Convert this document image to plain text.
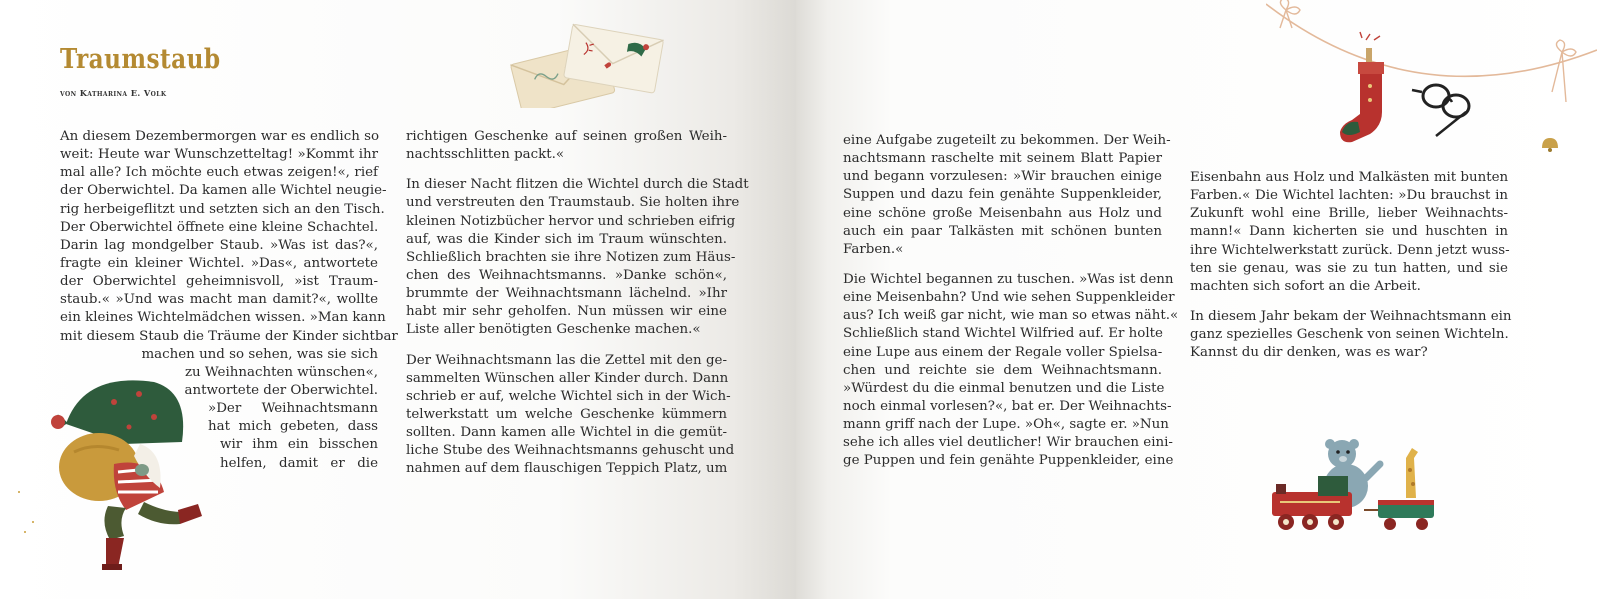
Traumstaub
von Katharina E. Volk
An diesem Dezembermorgen war es endlich so
weit: Heute war Wunschzetteltag! »Kommt ihr
mal alle? Ich möchte euch etwas zeigen!«, rief
der Oberwichtel. Da kamen alle Wichtel neugie-
rig herbeigeflitzt und setzten sich an den Tisch.
Der Oberwichtel öffnete eine kleine Schachtel.
Darin lag mondgelber Staub. »Was ist das?«,
fragte ein kleiner Wichtel. »Das«, antwortete
der Oberwichtel geheimnisvoll, »ist Traum-
staub.« »Und was macht man damit?«, wollte
ein kleines Wichtelmädchen wissen. »Man kann
mit diesem Staub die Träume der Kinder sichtbar
machen und so sehen, was sie sich
zu Weihnachten wünschen«,
antwortete der Oberwichtel.
»Der Weihnachtsmann
hat mich gebeten, dass
wir ihm ein bisschen
helfen, damit er die

richtigen Geschenke auf seinen großen Weih-
nachtsschlitten packt.«

In dieser Nacht flitzen die Wichtel durch die Stadt
und verstreuten den Traumstaub. Sie holten ihre
kleinen Notizbücher hervor und schrieben eifrig
auf, was die Kinder sich im Traum wünschten.
Schließlich brachten sie ihre Notizen zum Häus-
chen des Weihnachtsmanns. »Danke schön«,
brummte der Weihnachtsmann lächelnd. »Ihr
habt mir sehr geholfen. Nun müssen wir eine
Liste aller benötigten Geschenke machen.«

Der Weihnachtsmann las die Zettel mit den ge-
sammelten Wünschen aller Kinder durch. Dann
schrieb er auf, welche Wichtel sich in der Wich-
telwerkstatt um welche Geschenke kümmern
sollten. Dann kamen alle Wichtel in die gemüt-
liche Stube des Weihnachtsmanns gehuscht und
nahmen auf dem flauschigen Teppich Platz, um

eine Aufgabe zugeteilt zu bekommen. Der Weih-
nachtsmann raschelte mit seinem Blatt Papier
und begann vorzulesen: »Wir brauchen einige
Suppen und dazu fein genähte Suppenkleider,
eine schöne große Meisenbahn aus Holz und
auch ein paar Talkästen mit schönen bunten
Farben.«

Die Wichtel begannen zu tuschen. »Was ist denn
eine Meisenbahn? Und wie sehen Suppenkleider
aus? Ich weiß gar nicht, wie man so etwas näht.«
Schließlich stand Wichtel Wilfried auf. Er holte
eine Lupe aus einem der Regale voller Spielsa-
chen und reichte sie dem Weihnachtsmann.
»Würdest du die einmal benutzen und die Liste
noch einmal vorlesen?«, bat er. Der Weihnachts-
mann griff nach der Lupe. »Oh«, sagte er. »Nun
sehe ich alles viel deutlicher! Wir brauchen eini-
ge Puppen und fein genähte Puppenkleider, eine

Eisenbahn aus Holz und Malkästen mit bunten
Farben.« Die Wichtel lachten: »Du brauchst in
Zukunft wohl eine Brille, lieber Weihnachts-
mann!« Dann kicherten sie und huschten in
ihre Wichtelwerkstatt zurück. Denn jetzt wuss-
ten sie genau, was sie zu tun hatten, und sie
machten sich sofort an die Arbeit.

In diesem Jahr bekam der Weihnachtsmann ein
ganz spezielles Geschenk von seinen Wichteln.
Kannst du dir denken, was es war?
